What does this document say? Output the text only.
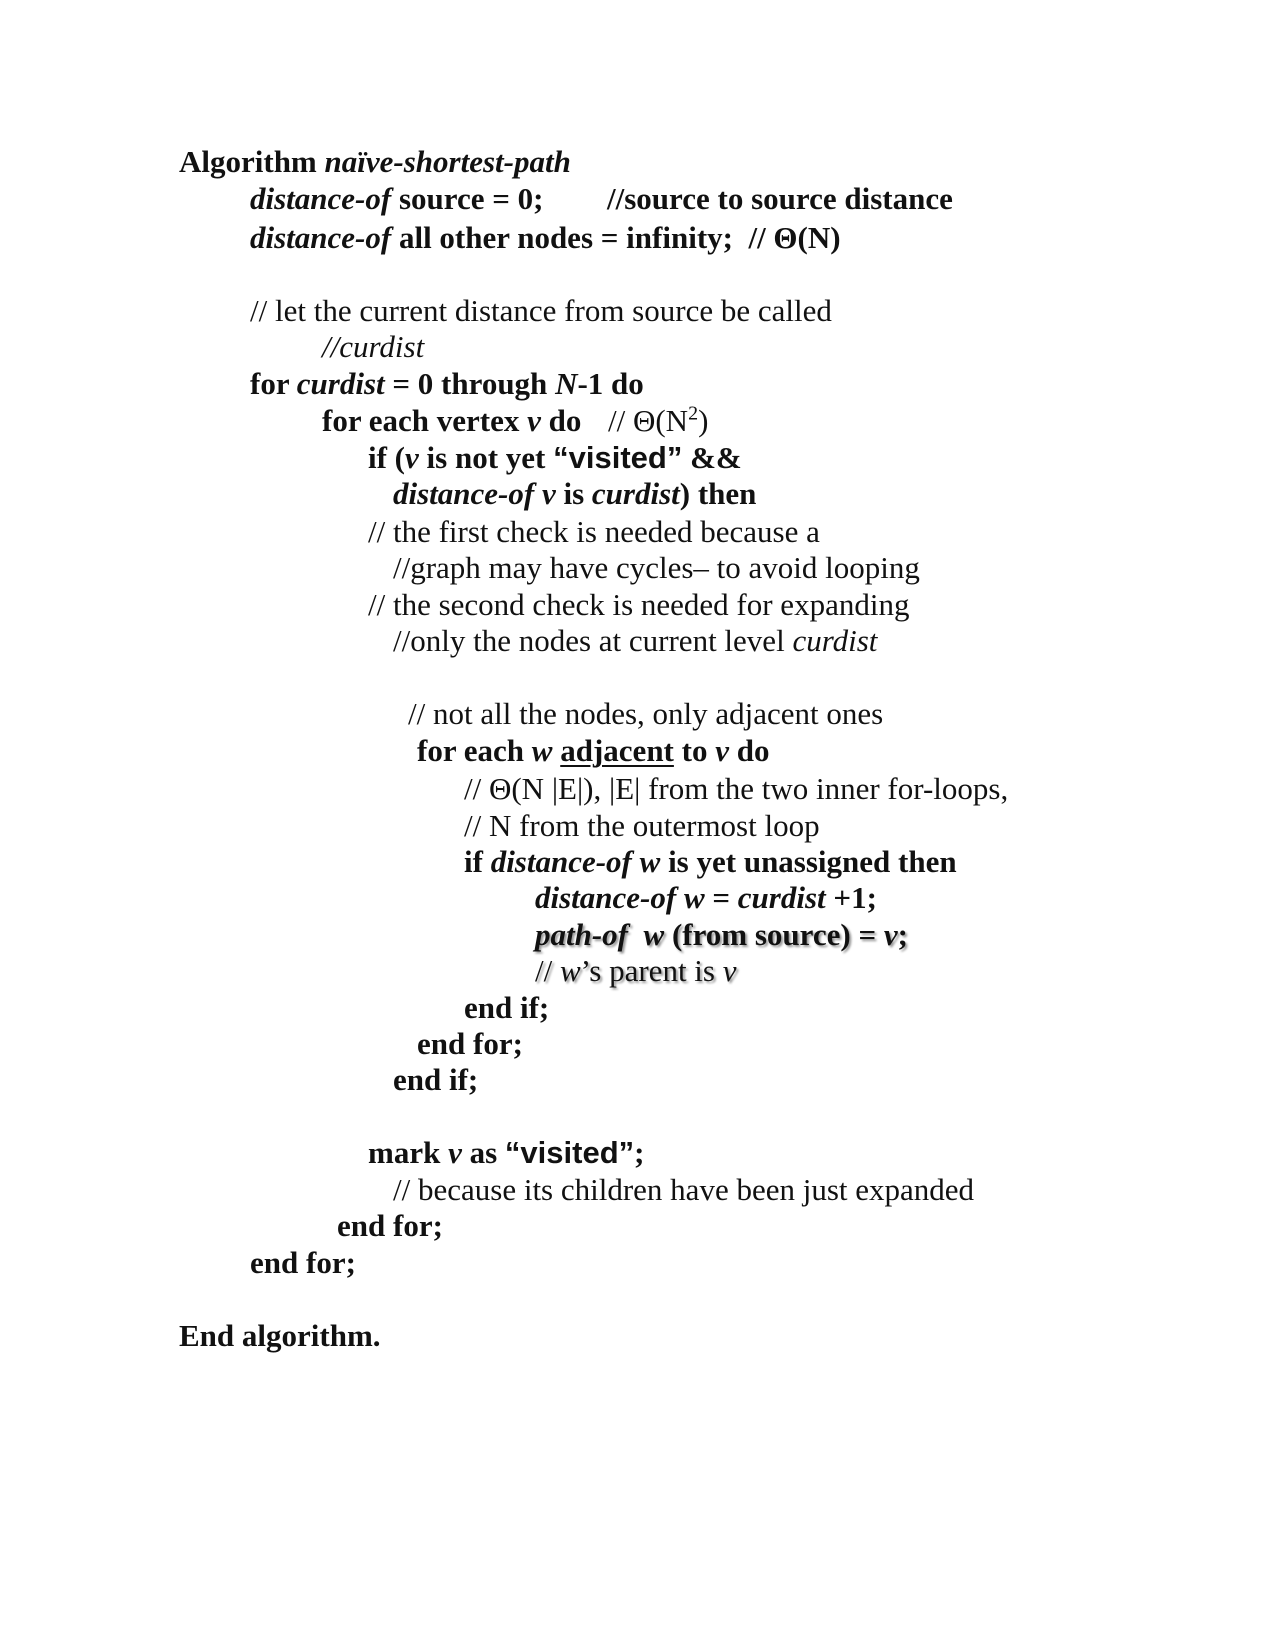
Algorithm naïve-shortest-path
distance-of source = 0; //source to source distance
distance-of all other nodes = infinity;  // Θ(N)
// let the current distance from source be called
//curdist
for curdist = 0 through N-1 do
for each vertex v do // $\Theta(N^2)$
if (v is not yet “visited” &&
distance-of v is curdist) then
// the first check is needed because a
//graph may have cycles– to avoid looping
// the second check is needed for expanding
//only the nodes at current level curdist
// not all the nodes, only adjacent ones
for each w adjacent to v do
// Θ(N |E|), |E| from the two inner for-loops,
// N from the outermost loop
if distance-of w is yet unassigned then
distance-of w = curdist +1;
path-of  w (from source) = v;
// w’s parent is v
end if;
end for;
end if;
mark v as “visited”;
// because its children have been just expanded
end for;
end for;
End algorithm.
